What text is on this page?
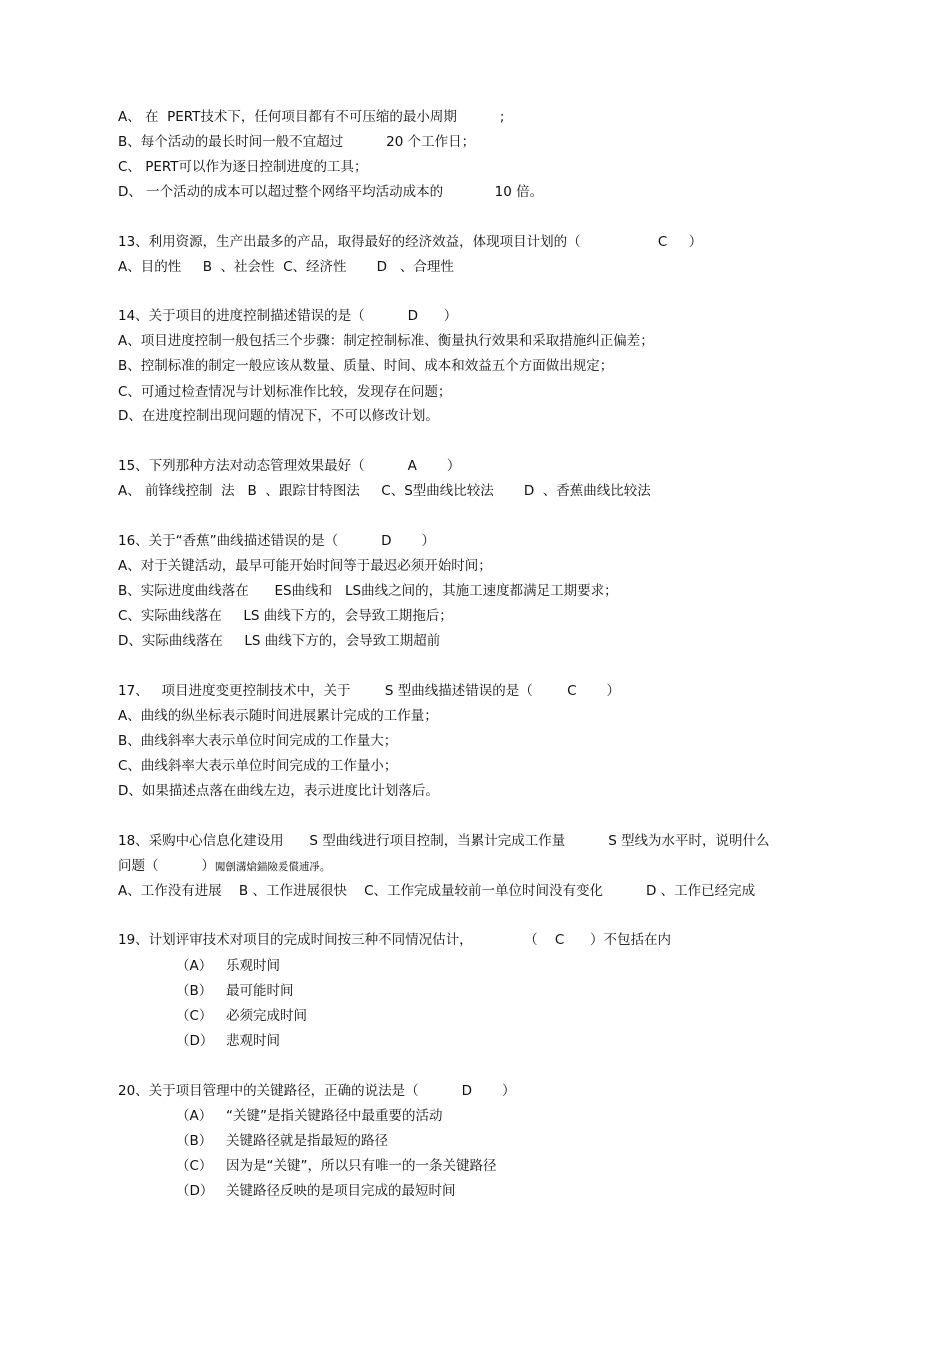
A、 在  PERT技术下，任何项目都有不可压缩的最小周期          ;
B、每个活动的最长时间一般不宜超过          20 个工作日；
C、 PERT可以作为逐日控制进度的工具；
D、 一个活动的成本可以超过整个网络平均活动成本的            10 倍。
13、利用资源，生产出最多的产品，取得最好的经济效益，体现项目计划的（                  C     ）
A、目的性     B  、社会性  C、经济性       D   、合理性
14、关于项目的进度控制描述错误的是（          D      ）
A、项目进度控制一般包括三个步骤：制定控制标准、衡量执行效果和采取措施纠正偏差；
B、控制标准的制定一般应该从数量、质量、时间、成本和效益五个方面做出规定；
C、可通过检查情况与计划标准作比较，发现存在问题；
D、在进度控制出现问题的情况下，不可以修改计划。
15、下列那种方法对动态管理效果最好（          A       ）
A、 前锋线控制  法   B  、跟踪甘特图法     C、S型曲线比较法       D  、香蕉曲线比较法
16、关于“香蕉”曲线描述错误的是（          D       ）
A、对于关键活动，最早可能开始时间等于最迟必须开始时间；
B、实际进度曲线落在      ES曲线和   LS曲线之间的，其施工速度都满足工期要求；
C、实际曲线落在     LS 曲线下方的，会导致工期拖后；
D、实际曲线落在     LS 曲线下方的，会导致工期超前
17、   项目进度变更控制技术中，关于        S 型曲线描述错误的是（        C       ）
A、曲线的纵坐标表示随时间进展累计完成的工作量；
B、曲线斜率大表示单位时间完成的工作量大；
C、曲线斜率大表示单位时间完成的工作量小；
D、如果描述点落在曲线左边，表示进度比计划落后。
18、采购中心信息化建设用      S 型曲线进行项目控制，当累计完成工作量          S 型线为水平时，说明什么
问题（          ）闖劊溝熗錨險爰償逋凈。
A、工作没有进展    B 、工作进展很快    C、工作完成量较前一单位时间没有变化          D 、工作已经完成
19、计划评审技术对项目的完成时间按三种不同情况估计，            （    C      ）不包括在内
（A） 乐观时间
（B） 最可能时间
（C） 必须完成时间
（D） 悲观时间
20、关于项目管理中的关键路径，正确的说法是（          D       ）
（A） “关键”是指关键路径中最重要的活动
（B） 关键路径就是指最短的路径
（C） 因为是“关键”，所以只有唯一的一条关键路径
（D） 关键路径反映的是项目完成的最短时间
